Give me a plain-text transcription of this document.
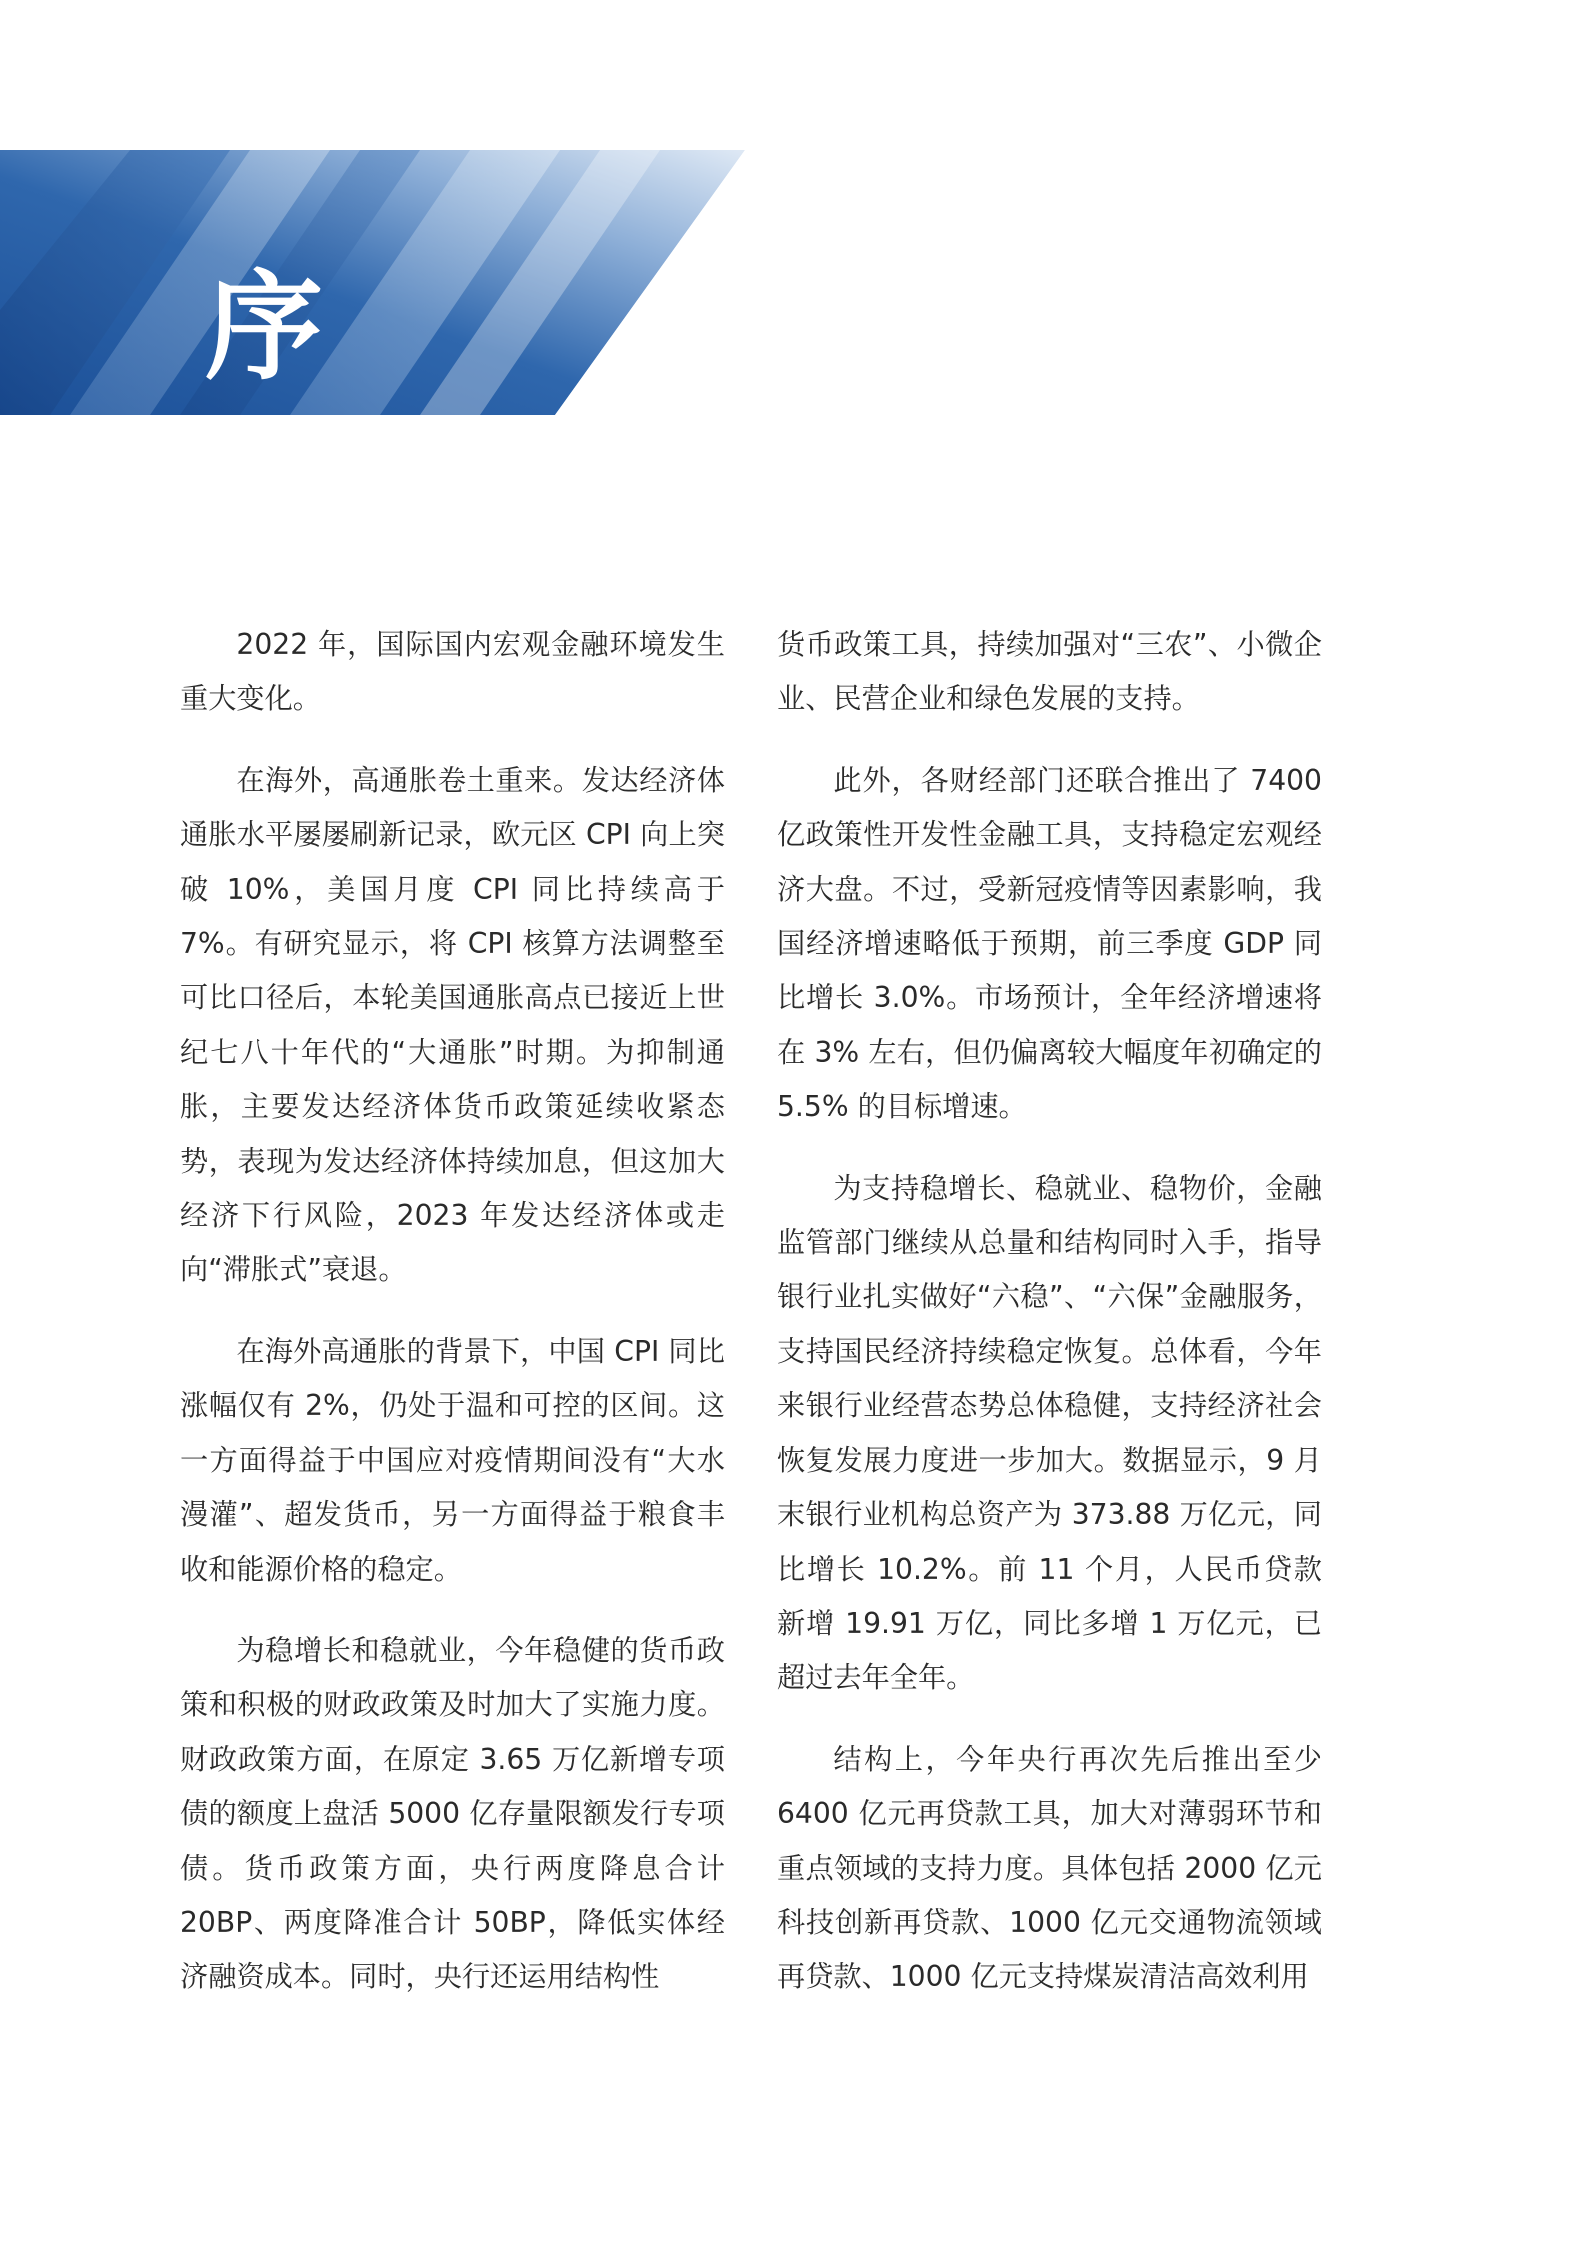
序

2022 年，国际国内宏观金融环境发生重大变化。

在海外，高通胀卷土重来。发达经济体通胀水平屡屡刷新记录，欧元区 CPI 向上突破 10%，美国月度 CPI 同比持续高于 7%。有研究显示，将 CPI 核算方法调整至可比口径后，本轮美国通胀高点已接近上世纪七八十年代的“大通胀”时期。为抑制通胀，主要发达经济体货币政策延续收紧态势，表现为发达经济体持续加息，但这加大经济下行风险，2023 年发达经济体或走向“滞胀式”衰退。

在海外高通胀的背景下，中国 CPI 同比涨幅仅有 2%，仍处于温和可控的区间。这一方面得益于中国应对疫情期间没有“大水漫灌”、超发货币，另一方面得益于粮食丰收和能源价格的稳定。

为稳增长和稳就业，今年稳健的货币政策和积极的财政政策及时加大了实施力度。财政政策方面，在原定 3.65 万亿新增专项债的额度上盘活 5000 亿存量限额发行专项债。货币政策方面，央行两度降息合计 20BP、两度降准合计 50BP，降低实体经济融资成本。同时，央行还运用结构性

货币政策工具，持续加强对“三农”、小微企业、民营企业和绿色发展的支持。

此外，各财经部门还联合推出了 7400 亿政策性开发性金融工具，支持稳定宏观经济大盘。不过，受新冠疫情等因素影响，我国经济增速略低于预期，前三季度 GDP 同比增长 3.0%。市场预计，全年经济增速将在 3% 左右，但仍偏离较大幅度年初确定的 5.5% 的目标增速。

为支持稳增长、稳就业、稳物价，金融监管部门继续从总量和结构同时入手，指导银行业扎实做好“六稳”、“六保”金融服务，支持国民经济持续稳定恢复。总体看，今年来银行业经营态势总体稳健，支持经济社会恢复发展力度进一步加大。数据显示，9 月末银行业机构总资产为 373.88 万亿元，同比增长 10.2%。前 11 个月，人民币贷款新增 19.91 万亿，同比多增 1 万亿元，已超过去年全年。

结构上，今年央行再次先后推出至少 6400 亿元再贷款工具，加大对薄弱环节和重点领域的支持力度。具体包括 2000 亿元科技创新再贷款、1000 亿元交通物流领域再贷款、1000 亿元支持煤炭清洁高效利用
